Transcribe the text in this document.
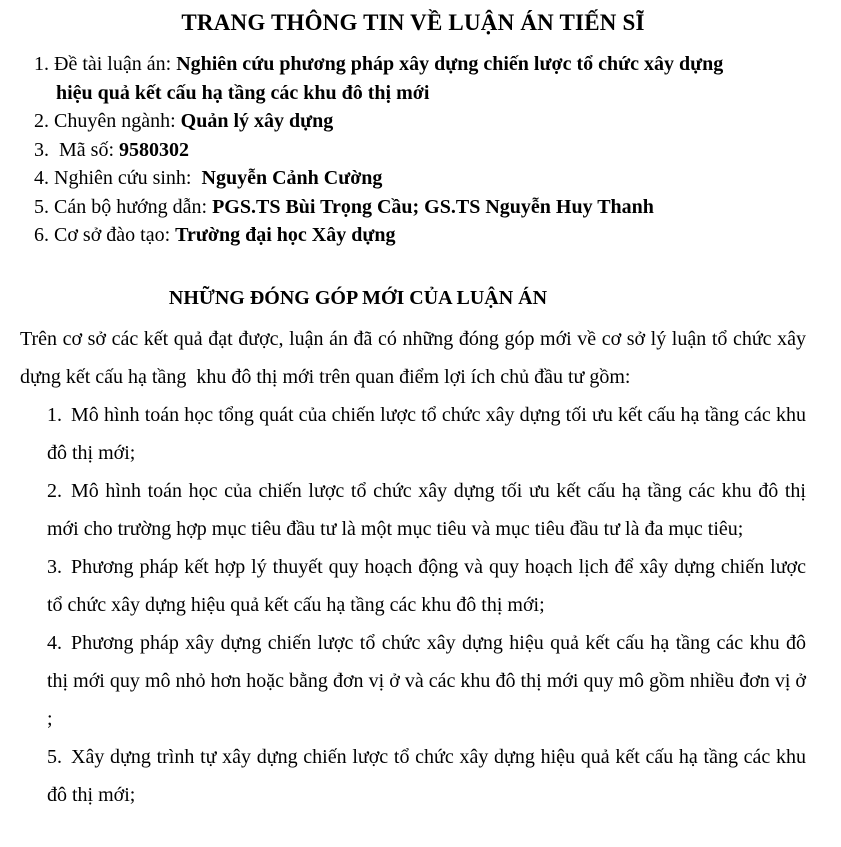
TRANG THÔNG TIN VỀ LUẬN ÁN TIẾN SĨ
1. Đề tài luận án: Nghiên cứu phương pháp xây dựng chiến lược tổ chức xây dựng
hiệu quả kết cấu hạ tầng các khu đô thị mới
2. Chuyên ngành: Quản lý xây dựng
3. Mã số: 9580302
4. Nghiên cứu sinh:  Nguyễn Cảnh Cường
5. Cán bộ hướng dẫn: PGS.TS Bùi Trọng Cầu; GS.TS Nguyễn Huy Thanh
6. Cơ sở đào tạo: Trường đại học Xây dựng
NHỮNG ĐÓNG GÓP MỚI CỦA LUẬN ÁN

Trên cơ sở các kết quả đạt được, luận án đã có những đóng góp mới về cơ sở lý luận tổ chức xây dựng kết cấu hạ tầng  khu đô thị mới trên quan điểm lợi ích chủ đầu tư gồm:

1. Mô hình toán học tổng quát của chiến lược tổ chức xây dựng tối ưu kết cấu hạ tầng các khu đô thị mới;
2. Mô hình toán học của chiến lược tổ chức xây dựng tối ưu kết cấu hạ tầng các khu đô thị mới cho trường hợp mục tiêu đầu tư là một mục tiêu và mục tiêu đầu tư là đa mục tiêu;
3. Phương pháp kết hợp lý thuyết quy hoạch động và quy hoạch lịch để xây dựng chiến lược tổ chức xây dựng hiệu quả kết cấu hạ tầng các khu đô thị mới;
4. Phương pháp xây dựng chiến lược tổ chức xây dựng hiệu quả kết cấu hạ tầng các khu đô thị mới quy mô nhỏ hơn hoặc bằng đơn vị ở và các khu đô thị mới quy mô gồm nhiều đơn vị ở ;
5. Xây dựng trình tự xây dựng chiến lược tổ chức xây dựng hiệu quả kết cấu hạ tầng các khu đô thị mới;
